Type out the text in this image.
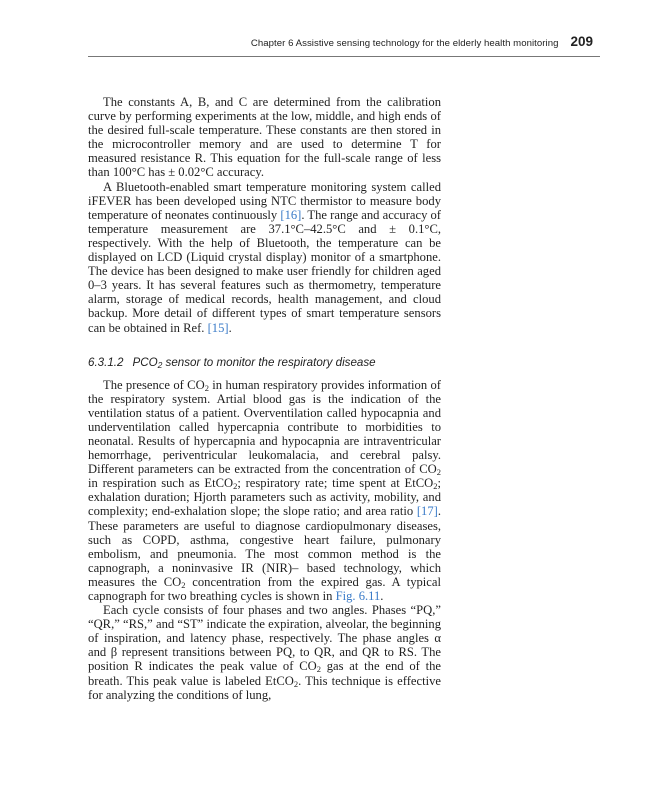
Chapter 6 Assistive sensing technology for the elderly health monitoring 209

The constants A, B, and C are determined from the calibration curve by performing experiments at the low, middle, and high ends of the desired full-scale temperature. These constants are then stored in the microcontroller memory and are used to determine T for measured resistance R. This equation for the full-scale range of less than 100°C has ± 0.02°C accuracy.

A Bluetooth-enabled smart temperature monitoring system called iFEVER has been developed using NTC thermistor to measure body temperature of neonates continuously [16]. The range and accuracy of temperature measurement are 37.1°C–42.5°C and ± 0.1°C, respectively. With the help of Bluetooth, the temperature can be displayed on LCD (Liquid crystal display) monitor of a smartphone. The device has been designed to make user friendly for children aged 0–3 years. It has several features such as thermometry, temperature alarm, storage of medical records, health management, and cloud backup. More detail of different types of smart temperature sensors can be obtained in Ref. [15].

6.3.1.2 $PCO_2$ sensor to monitor the respiratory disease

The presence of $CO_2$ in human respiratory provides information of the respiratory system. Artial blood gas is the indication of the ventilation status of a patient. Overventilation called hypocapnia and underventilation called hypercapnia contribute to morbidities to neonatal. Results of hypercapnia and hypocapnia are intraventricular hemorrhage, periventricular leukomalacia, and cerebral palsy. Different parameters can be extracted from the concentration of $CO_2$ in respiration such as EtCO$_2$; respiratory rate; time spent at EtCO$_2$; exhalation duration; Hjorth parameters such as activity, mobility, and complexity; end-exhalation slope; the slope ratio; and area ratio [17]. These parameters are useful to diagnose cardiopulmonary diseases, such as COPD, asthma, congestive heart failure, pulmonary embolism, and pneumonia. The most common method is the capnograph, a noninvasive IR (NIR)– based technology, which measures the $CO_2$ concentration from the expired gas. A typical capnograph for two breathing cycles is shown in Fig. 6.11.

Each cycle consists of four phases and two angles. Phases “PQ,” “QR,” “RS,” and “ST” indicate the expiration, alveolar, the beginning of inspiration, and latency phase, respectively. The phase angles α and β represent transitions between PQ, to QR, and QR to RS. The position R indicates the peak value of $CO_2$ gas at the end of the breath. This peak value is labeled EtCO$_2$. This technique is effective for analyzing the conditions of lung,
